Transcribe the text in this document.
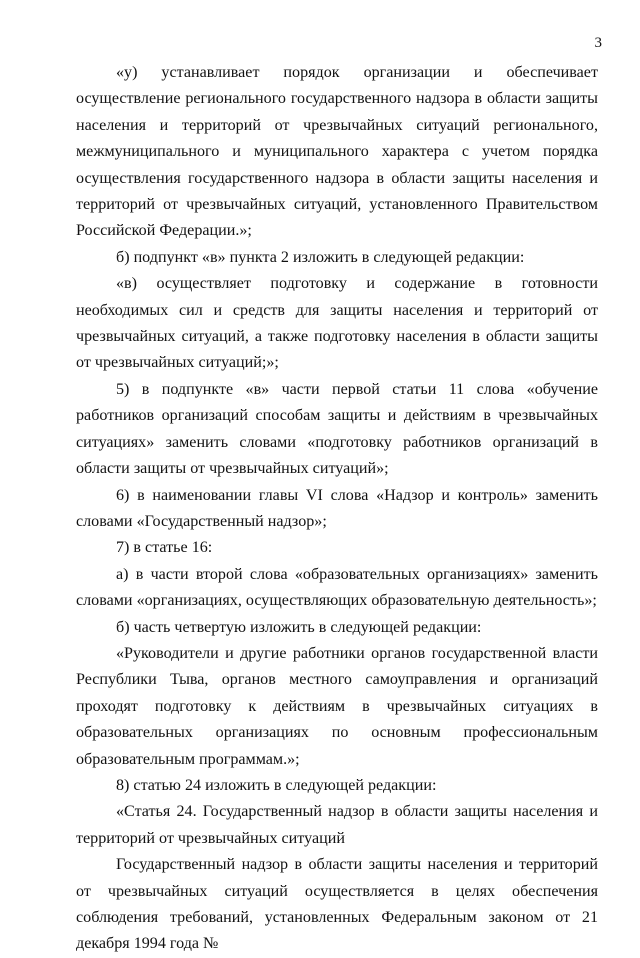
3

«у) устанавливает порядок организации и обеспечивает осуществление регионального государственного надзора в области защиты населения и территорий от чрезвычайных ситуаций регионального, межмуниципального и муниципального характера с учетом порядка осуществления государственного надзора в области защиты населения и территорий от чрезвычайных ситуаций, установленного Правительством Российской Федерации.»;

б) подпункт «в» пункта 2 изложить в следующей редакции:

«в) осуществляет подготовку и содержание в готовности необходимых сил и средств для защиты населения и территорий от чрезвычайных ситуаций, а также подготовку населения в области защиты от чрезвычайных ситуаций;»;

5) в подпункте «в» части первой статьи 11 слова «обучение работников организаций способам защиты и действиям в чрезвычайных ситуациях» заменить словами «подготовку работников организаций в области защиты от чрезвычайных ситуаций»;

6) в наименовании главы VI слова «Надзор и контроль» заменить словами «Государственный надзор»;

7) в статье 16:

а) в части второй слова «образовательных организациях» заменить словами «организациях, осуществляющих образовательную деятельность»;

б) часть четвертую изложить в следующей редакции:

«Руководители и другие работники органов государственной власти Республики Тыва, органов местного самоуправления и организаций проходят подготовку к действиям в чрезвычайных ситуациях в образовательных организациях по основным профессиональным образовательным программам.»;

8) статью 24 изложить в следующей редакции:

«Статья 24. Государственный надзор в области защиты населения и территорий от чрезвычайных ситуаций

Государственный надзор в области защиты населения и территорий от чрезвычайных ситуаций осуществляется в целях обеспечения соблюдения требований, установленных Федеральным законом от 21 декабря 1994 года №
